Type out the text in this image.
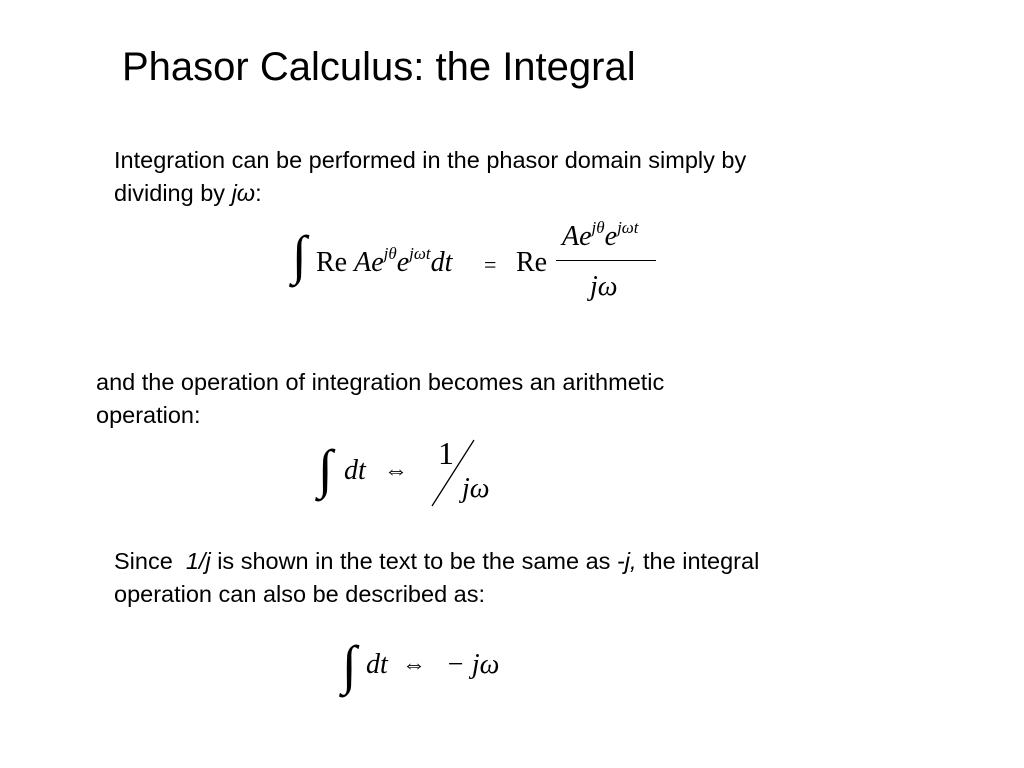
Phasor Calculus: the Integral
Integration can be performed in the phasor domain simply by
dividing by jω:
∫ Re $Ae^{j\theta}e^{j\omega t}dt = Re$
$Ae^{j\theta}e^{j\omega t}$
jω
and the operation of integration becomes an arithmetic
operation:
∫ dt ⇔ 1
jω
Since  1/j is shown in the text to be the same as -j, the integral
operation can also be described as:
∫ dt ⇔ − jω
